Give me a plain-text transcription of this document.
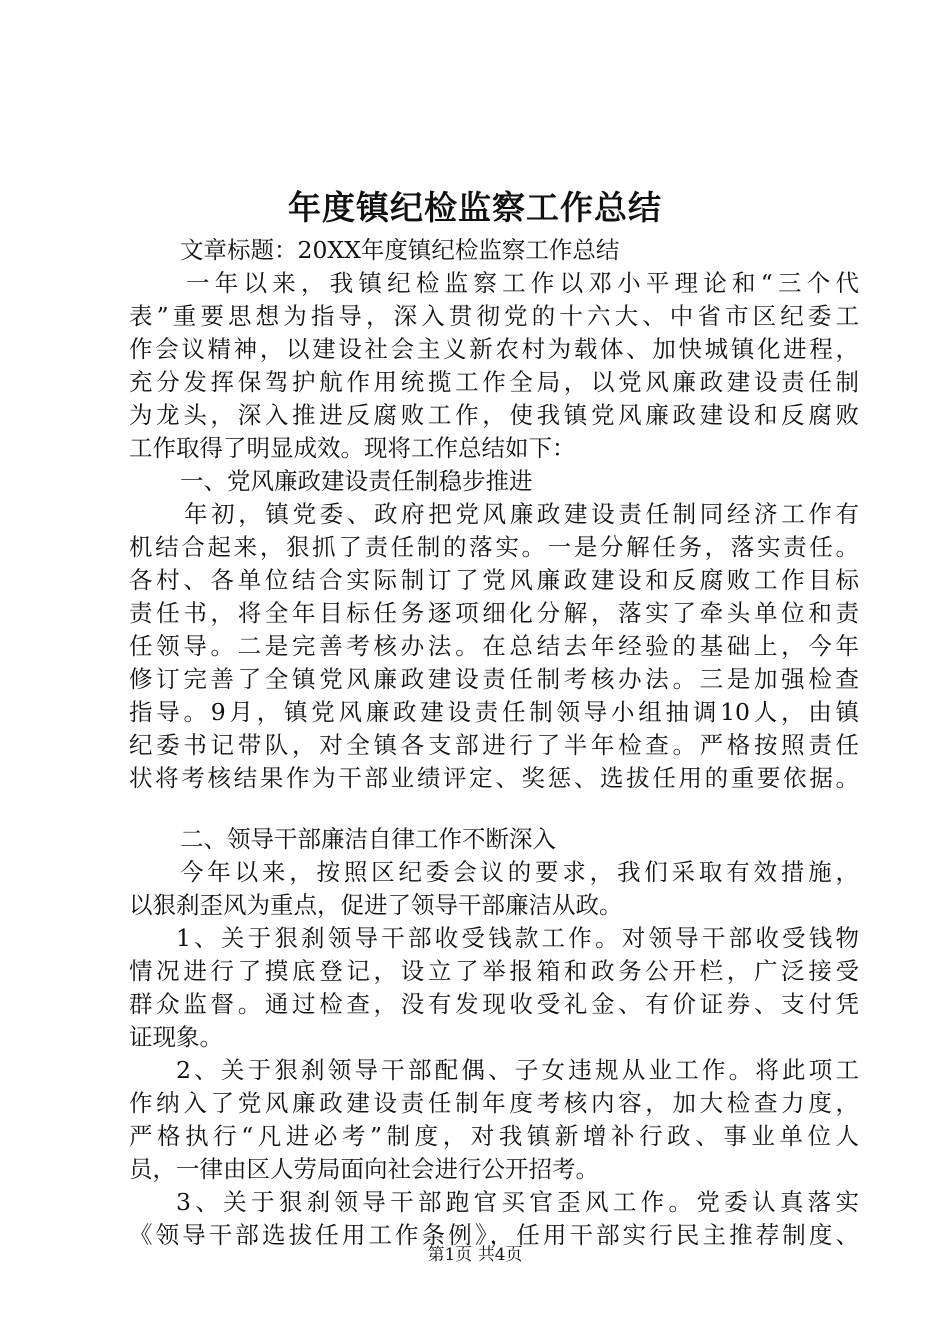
年度镇纪检监察工作总结
文章标题：20XX年度镇纪检监察工作总结
一年以来，我镇纪检监察工作以邓小平理论和“三个代
表”重要思想为指导，深入贯彻党的十六大、中省市区纪委工
作会议精神，以建设社会主义新农村为载体、加快城镇化进程，
充分发挥保驾护航作用统揽工作全局，以党风廉政建设责任制
为龙头，深入推进反腐败工作，使我镇党风廉政建设和反腐败
工作取得了明显成效。现将工作总结如下：
一、党风廉政建设责任制稳步推进
年初，镇党委、政府把党风廉政建设责任制同经济工作有
机结合起来，狠抓了责任制的落实。一是分解任务，落实责任。
各村、各单位结合实际制订了党风廉政建设和反腐败工作目标
责任书，将全年目标任务逐项细化分解，落实了牵头单位和责
任领导。二是完善考核办法。在总结去年经验的基础上，今年
修订完善了全镇党风廉政建设责任制考核办法。三是加强检查
指导。9月，镇党风廉政建设责任制领导小组抽调10人，由镇
纪委书记带队，对全镇各支部进行了半年检查。严格按照责任
状将考核结果作为干部业绩评定、奖惩、选拔任用的重要依据。
二、领导干部廉洁自律工作不断深入
今年以来，按照区纪委会议的要求，我们采取有效措施，
以狠刹歪风为重点，促进了领导干部廉洁从政。
1、关于狠刹领导干部收受钱款工作。对领导干部收受钱物
情况进行了摸底登记，设立了举报箱和政务公开栏，广泛接受
群众监督。通过检查，没有发现收受礼金、有价证券、支付凭
证现象。
2、关于狠刹领导干部配偶、子女违规从业工作。将此项工
作纳入了党风廉政建设责任制年度考核内容，加大检查力度，
严格执行“凡进必考”制度，对我镇新增补行政、事业单位人
员，一律由区人劳局面向社会进行公开招考。
3、关于狠刹领导干部跑官买官歪风工作。党委认真落实
《领导干部选拔任用工作条例》，任用干部实行民主推荐制度、
第1页 共4页
